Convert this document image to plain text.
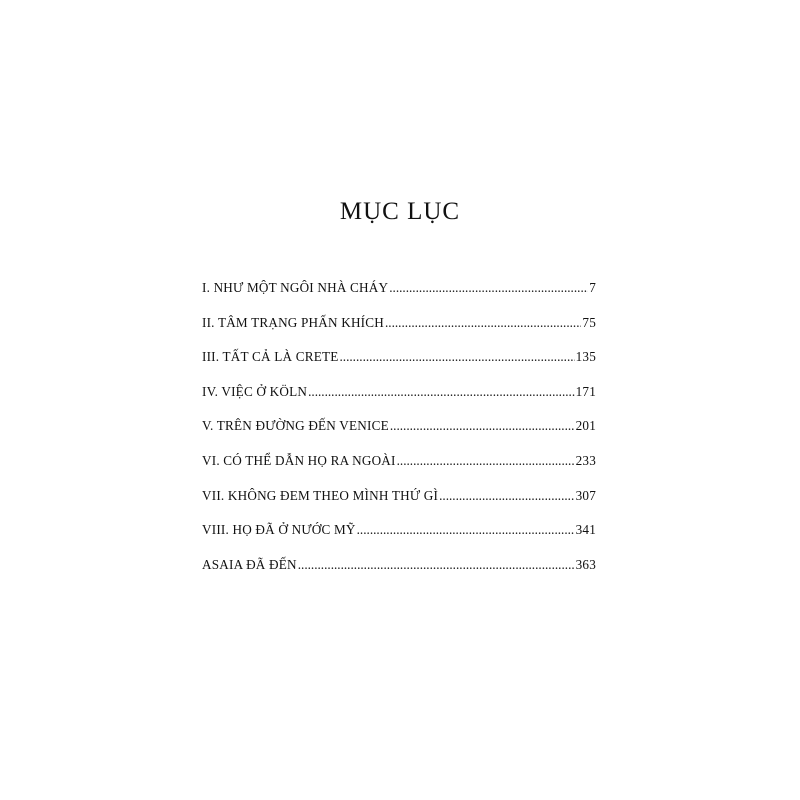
MỤC LỤC
I. NHƯ MỘT NGÔI NHÀ CHÁY .....	7
II. TÂM TRẠNG PHẤN KHÍCH .....	75
III. TẤT CẢ LÀ CRETE .....	135
IV. VIỆC Ở KÖLN .....	171
V. TRÊN ĐƯỜNG ĐẾN VENICE .....	201
VI. CÓ THỂ DẪN HỌ RA NGOÀI .....	233
VII. KHÔNG ĐEM THEO MÌNH THỨ GÌ .....	307
VIII. HỌ ĐÃ Ở NƯỚC MỸ .....	341
ASAIA ĐÃ ĐẾN .....	363
